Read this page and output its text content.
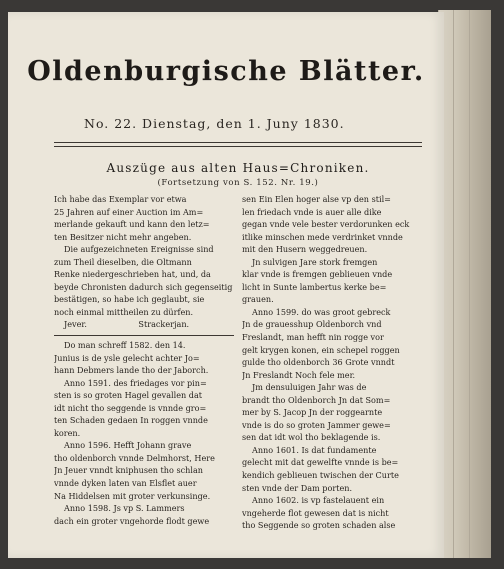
Oldenburgische Blätter.
No. 22. Dienstag, den 1. Juny 1830.
Auszüge aus alten Haus=Chroniken.
(Fortsetzung von S. 152. Nr. 19.)

Ich habe das Exemplar vor etwa

25 Jahren auf einer Auction im Am=

merlande gekauft und kann den letz=

ten Besitzer nicht mehr angeben.

Die aufgezeichneten Ereignisse sind

zum Theil dieselben, die Oltmann

Renke niedergeschrieben hat, und, da

beyde Chronisten dadurch sich gegenseitig

bestätigen, so habe ich geglaubt, sie

noch einmal mittheilen zu dürfen.

Jever.                    Strackerjan.

Do man schreff 1582. den 14.

Junius is de ysle gelecht achter Jo=

hann Debmers lande tho der Jaborch.

Anno 1591. des friedages vor pin=

sten is so groten Hagel gevallen dat

idt nicht tho seggende is vnnde gro=

ten Schaden gedaen In roggen vnnde

koren.

Anno 1596. Hefft Johann grave

tho oldenborch vnnde Delmhorst, Here

Jn Jeuer vnndt kniphusen tho schlan

vnnde dyken laten van Elsflet auer

Na Hiddelsen mit groter verkunsinge.

Anno 1598. Js vp S. Lammers

dach ein groter vngehorde flodt gewe

sen Ein Elen hoger alse vp den stil=

len friedach vnde is auer alle dike

gegan vnde vele bester verdorunken eck

itlike minschen mede verdrinket vnnde

mit den Husern weggedreuen.

Jn sulvigen Jare stork fremgen

klar vnde is fremgen geblieuen vnde

licht in Sunte lambertus kerke be=

grauen.

Anno 1599. do was groot gebreck

Jn de grauesshup Oldenborch vnd

Freslandt, man hefft nin rogge vor

gelt krygen konen, ein schepel roggen

gulde tho oldenborch 36 Grote vnndt

Jn Freslandt Noch fele mer.

Jm densuluigen Jahr was de

brandt tho Oldenborch Jn dat Som=

mer by S. Jacop Jn der roggearnte

vnde is do so groten Jammer gewe=

sen dat idt wol tho beklagende is.

Anno 1601. Is dat fundamente

gelecht mit dat gewelfte vnnde is be=

kendich geblieuen twischen der Curte

sten vnde der Dam porten.

Anno 1602. is vp fastelauent ein

vngeherde flot gewesen dat is nicht

tho Seggende so groten schaden alse
